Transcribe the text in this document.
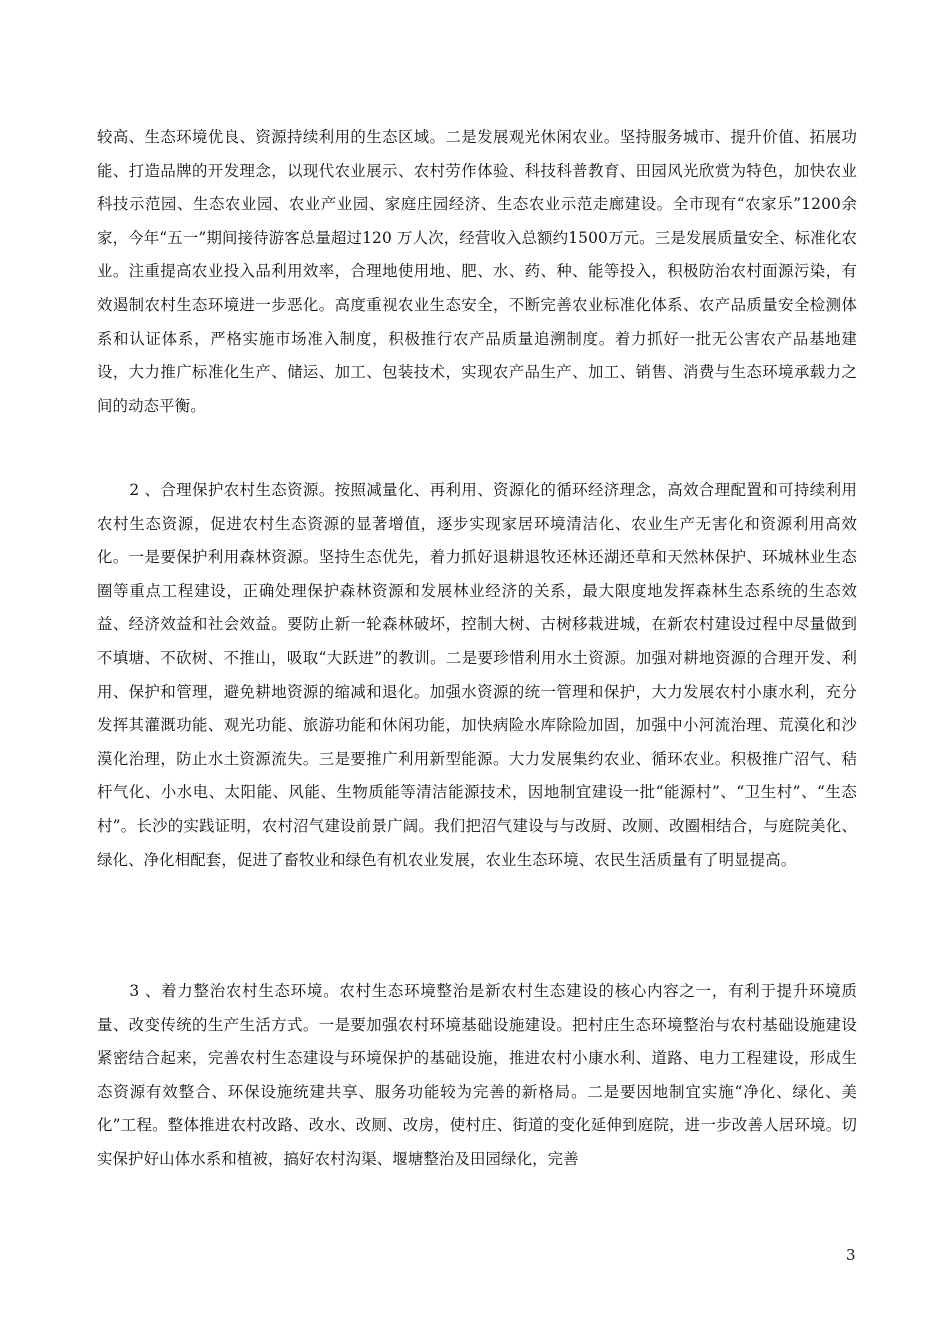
较高、生态环境优良、资源持续利用的生态区域。二是发展观光休闲农业。坚持服务城市、提升价值、拓展功能、打造品牌的开发理念，以现代农业展示、农村劳作体验、科技科普教育、田园风光欣赏为特色，加快农业科技示范园、生态农业园、农业产业园、家庭庄园经济、生态农业示范走廊建设。全市现有“农家乐”1200余家，今年“五一”期间接待游客总量超过120 万人次，经营收入总额约1500万元。三是发展质量安全、标准化农业。注重提高农业投入品利用效率，合理地使用地、肥、水、药、种、能等投入，积极防治农村面源污染，有效遏制农村生态环境进一步恶化。高度重视农业生态安全，不断完善农业标准化体系、农产品质量安全检测体系和认证体系，严格实施市场准入制度，积极推行农产品质量追溯制度。着力抓好一批无公害农产品基地建设，大力推广标准化生产、储运、加工、包装技术，实现农产品生产、加工、销售、消费与生态环境承载力之间的动态平衡。

2 、合理保护农村生态资源。按照减量化、再利用、资源化的循环经济理念，高效合理配置和可持续利用农村生态资源，促进农村生态资源的显著增值，逐步实现家居环境清洁化、农业生产无害化和资源利用高效化。一是要保护利用森林资源。坚持生态优先，着力抓好退耕退牧还林还湖还草和天然林保护、环城林业生态圈等重点工程建设，正确处理保护森林资源和发展林业经济的关系，最大限度地发挥森林生态系统的生态效益、经济效益和社会效益。要防止新一轮森林破坏，控制大树、古树移栽进城，在新农村建设过程中尽量做到不填塘、不砍树、不推山，吸取“大跃进”的教训。二是要珍惜利用水土资源。加强对耕地资源的合理开发、利用、保护和管理，避免耕地资源的缩减和退化。加强水资源的统一管理和保护，大力发展农村小康水利，充分发挥其灌溉功能、观光功能、旅游功能和休闲功能，加快病险水库除险加固，加强中小河流治理、荒漠化和沙漠化治理，防止水土资源流失。三是要推广利用新型能源。大力发展集约农业、循环农业。积极推广沼气、秸杆气化、小水电、太阳能、风能、生物质能等清洁能源技术，因地制宜建设一批“能源村”、“卫生村”、“生态村”。长沙的实践证明，农村沼气建设前景广阔。我们把沼气建设与与改厨、改厕、改圈相结合，与庭院美化、绿化、净化相配套，促进了畜牧业和绿色有机农业发展，农业生态环境、农民生活质量有了明显提高。

3 、着力整治农村生态环境。农村生态环境整治是新农村生态建设的核心内容之一，有利于提升环境质量、改变传统的生产生活方式。一是要加强农村环境基础设施建设。把村庄生态环境整治与农村基础设施建设紧密结合起来，完善农村生态建设与环境保护的基础设施，推进农村小康水利、道路、电力工程建设，形成生态资源有效整合、环保设施统建共享、服务功能较为完善的新格局。二是要因地制宜实施“净化、绿化、美化”工程。整体推进农村改路、改水、改厕、改房，使村庄、街道的变化延伸到庭院，进一步改善人居环境。切实保护好山体水系和植被，搞好农村沟渠、堰塘整治及田园绿化，完善

3
